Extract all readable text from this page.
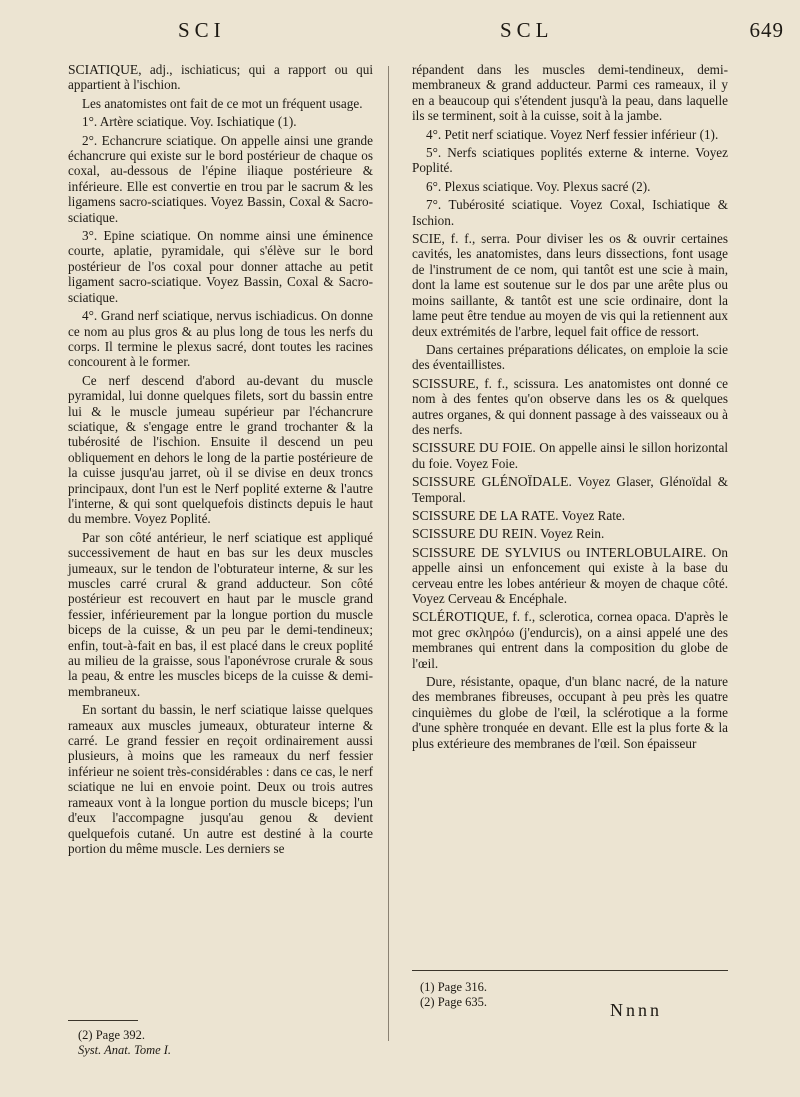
SCI	SCL	649

SCIATIQUE, adj., ischiaticus; qui a rapport ou qui appartient à l'ischion.

Les anatomistes ont fait de ce mot un fréquent usage.

1°. Artère sciatique. Voy. Ischiatique (1).

2°. Echancrure sciatique. On appelle ainsi une grande échancrure qui existe sur le bord postérieur de chaque os coxal, au-dessous de l'épine iliaque postérieure & inférieure. Elle est convertie en trou par le sacrum & les ligamens sacro-sciatiques. Voyez Bassin, Coxal & Sacro-sciatique.

3°. Epine sciatique. On nomme ainsi une éminence courte, aplatie, pyramidale, qui s'élève sur le bord postérieur de l'os coxal pour donner attache au petit ligament sacro-sciatique. Voyez Bassin, Coxal & Sacro-sciatique.

4°. Grand nerf sciatique, nervus ischiadicus. On donne ce nom au plus gros & au plus long de tous les nerfs du corps. Il termine le plexus sacré, dont toutes les racines concourent à le former.

Ce nerf descend d'abord au-devant du muscle pyramidal, lui donne quelques filets, sort du bassin entre lui & le muscle jumeau supérieur par l'échancrure sciatique, & s'engage entre le grand trochanter & la tubérosité de l'ischion. Ensuite il descend un peu obliquement en dehors le long de la partie postérieure de la cuisse jusqu'au jarret, où il se divise en deux troncs principaux, dont l'un est le Nerf poplité externe & l'autre l'interne, & qui sont quelquefois distincts depuis le haut du membre. Voyez Poplité.

Par son côté antérieur, le nerf sciatique est appliqué successivement de haut en bas sur les deux muscles jumeaux, sur le tendon de l'obturateur interne, & sur les muscles carré crural & grand adducteur. Son côté postérieur est recouvert en haut par le muscle grand fessier, inférieurement par la longue portion du muscle biceps de la cuisse, & un peu par le demi-tendineux; enfin, tout-à-fait en bas, il est placé dans le creux poplité au milieu de la graisse, sous l'aponévrose crurale & sous la peau, & entre les muscles biceps de la cuisse & demi-membraneux.

En sortant du bassin, le nerf sciatique laisse quelques rameaux aux muscles jumeaux, obturateur interne & carré. Le grand fessier en reçoit ordinairement aussi plusieurs, à moins que les rameaux du nerf fessier inférieur ne soient très-considérables : dans ce cas, le nerf sciatique ne lui en envoie point. Deux ou trois autres rameaux vont à la longue portion du muscle biceps; l'un d'eux l'accompagne jusqu'au genou & devient quelquefois cutané. Un autre est destiné à la courte portion du même muscle. Les derniers se

répandent dans les muscles demi-tendineux, demi-membraneux & grand adducteur. Parmi ces rameaux, il y en a beaucoup qui s'étendent jusqu'à la peau, dans laquelle ils se terminent, soit à la cuisse, soit à la jambe.

4°. Petit nerf sciatique. Voyez Nerf fessier inférieur (1).

5°. Nerfs sciatiques poplités externe & interne. Voyez Poplité.

6°. Plexus sciatique. Voy. Plexus sacré (2).

7°. Tubérosité sciatique. Voyez Coxal, Ischiatique & Ischion.

SCIE, f. f., serra. Pour diviser les os & ouvrir certaines cavités, les anatomistes, dans leurs dissections, font usage de l'instrument de ce nom, qui tantôt est une scie à main, dont la lame est soutenue sur le dos par une arête plus ou moins saillante, & tantôt est une scie ordinaire, dont la lame peut être tendue au moyen de vis qui la retiennent aux deux extrémités de l'arbre, lequel fait office de ressort.

Dans certaines préparations délicates, on emploie la scie des éventaillistes.

SCISSURE, f. f., scissura. Les anatomistes ont donné ce nom à des fentes qu'on observe dans les os & quelques autres organes, & qui donnent passage à des vaisseaux ou à des nerfs.

SCISSURE DU FOIE. On appelle ainsi le sillon horizontal du foie. Voyez Foie.

SCISSURE GLÉNOÏDALE. Voyez Glaser, Glénoïdal & Temporal.

SCISSURE DE LA RATE. Voyez Rate.

SCISSURE DU REIN. Voyez Rein.

SCISSURE DE SYLVIUS ou INTERLOBULAIRE. On appelle ainsi un enfoncement qui existe à la base du cerveau entre les lobes antérieur & moyen de chaque côté. Voyez Cerveau & Encéphale.

SCLÉROTIQUE, f. f., sclerotica, cornea opaca. D'après le mot grec σκληρόω (j'endurcis), on a ainsi appelé une des membranes qui entrent dans la composition du globe de l'œil.

Dure, résistante, opaque, d'un blanc nacré, de la nature des membranes fibreuses, occupant à peu près les quatre cinquièmes du globe de l'œil, la sclérotique a la forme d'une sphère tronquée en devant. Elle est la plus forte & la plus extérieure des membranes de l'œil. Son épaisseur

(2) Page 392.
Syst. Anat. Tome I.
(1) Page 316.
(2) Page 635.	Nnnn
